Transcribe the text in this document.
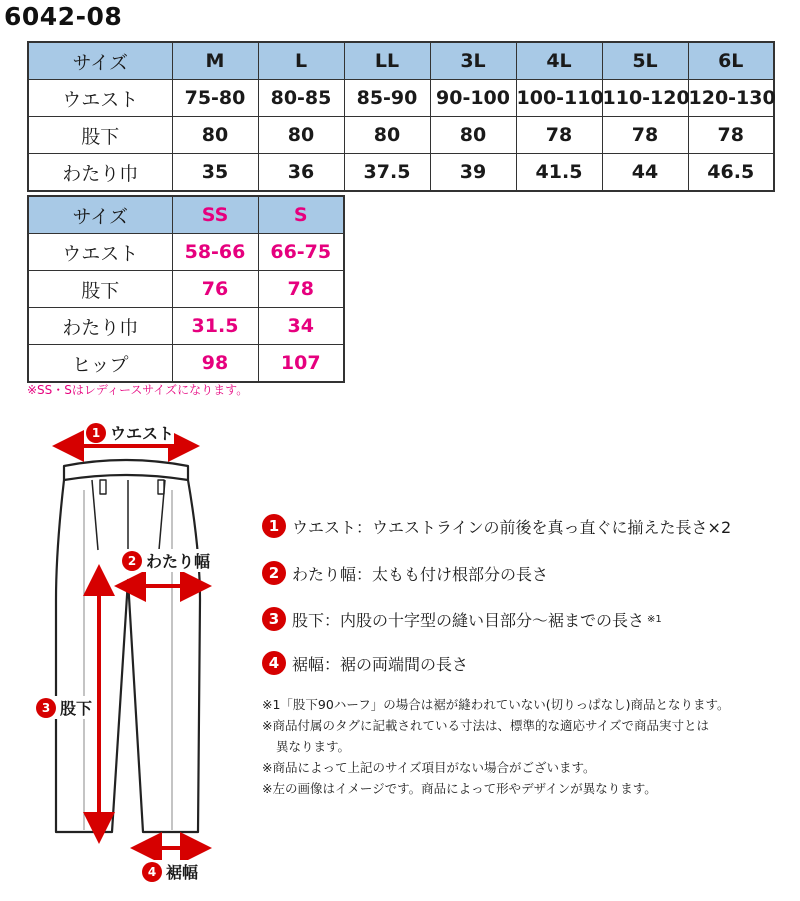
6042-08
サイズ	M	L	LL	3L	4L	5L	6L
ウエスト	75-80	80-85	85-90	90-100	100-110	110-120	120-130
股下	80	80	80	80	78	78	78
わたり巾	35	36	37.5	39	41.5	44	46.5
サイズ	SS	S
ウエスト	58-66	66-75
股下	76	78
わたり巾	31.5	34
ヒップ	98	107
※SS・Sはレディースサイズになります。
1 ウエスト
2 わたり幅
3 股下
4 裾幅
1 ウエスト ：ウエストラインの前後を真っ直ぐに揃えた長さ×2
2 わたり幅 ：太もも付け根部分の長さ
3 股下 ：内股の十字型の縫い目部分～裾までの長さ ※1
4 裾幅 ：裾の両端間の長さ
※1「股下90ハーフ」の場合は裾が縫われていない(切りっぱなし)商品となります。
※商品付属のタグに記載されている寸法は、標準的な適応サイズで商品実寸とは
異なります。
※商品によって上記のサイズ項目がない場合がございます。
※左の画像はイメージです。商品によって形やデザインが異なります。
